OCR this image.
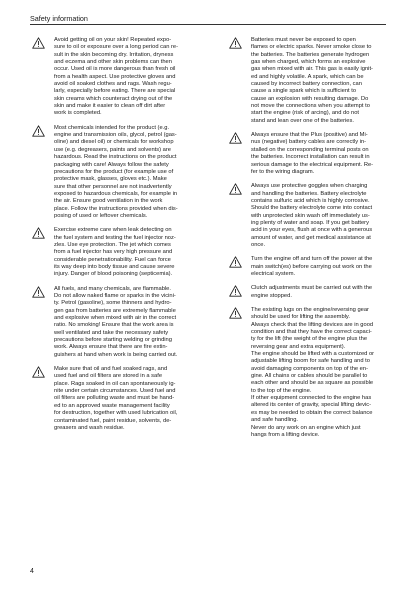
Safety information
Avoid getting oil on your skin! Repeated expo-
sure to oil or exposure over a long period can re-
sult in the skin becoming dry. Irritation, dryness
and eczema and other skin problems can then
occur. Used oil is more dangerous than fresh oil
from a health aspect. Use protective gloves and
avoid oil soaked clothes and rags. Wash regu-
larly, especially before eating. There are special
skin creams which counteract drying out of the
skin and make it easier to clean off dirt after
work is completed.
Most chemicals intended for the product (e.g.
engine and transmission oils, glycol, petrol (gas-
oline) and diesel oil) or chemicals for workshop
use (e.g. degreasers, paints and solvents) are
hazardous. Read the instructions on the product
packaging with care! Always follow the safety
precautions for the product (for example use of
protective mask, glasses, gloves etc.). Make
sure that other personnel are not inadvertently
exposed to hazardous chemicals, for example in
the air. Ensure good ventilation in the work
place. Follow the instructions provided when dis-
posing of used or leftover chemicals.
Exercise extreme care when leak detecting on
the fuel system and testing the fuel injector noz-
zles. Use eye protection. The jet which comes
from a fuel injector has very high pressure and
considerable penetrationability. Fuel can force
its way deep into body tissue and cause severe
injury. Danger of blood poisoning (septicemia).
All fuels, and many chemicals, are flammable.
Do not allow naked flame or sparks in the vicini-
ty. Petrol (gasoline), some thinners and hydro-
gen gas from batteries are extremely flammable
and explosive when mixed with air in the correct
ratio. No smoking! Ensure that the work area is
well ventilated and take the necessary safety
precautions before starting welding or grinding
work. Always ensure that there are fire extin-
guishers at hand when work is being carried out.
Make sure that oil and fuel soaked rags, and
used fuel and oil filters are stored in a safe
place. Rags soaked in oil can spontaneously ig-
nite under certain circumstances. Used fuel and
oil filters are polluting waste and must be hand-
ed to an approved waste management facility
for destruction, together with used lubrication oil,
contaminated fuel, paint residue, solvents, de-
greasers and wash residue.
Batteries must never be exposed to open
flames or electric sparks. Never smoke close to
the batteries. The batteries generate hydrogen
gas when charged, which forms an explosive
gas when mixed with air. This gas is easily ignit-
ed and highly volatile. A spark, which can be
caused by incorrect battery connection, can
cause a single spark which is sufficient to
cause an explosion with resulting damage. Do
not move the connections when you attempt to
start the engine (risk of arcing), and do not
stand and lean over one of the batteries.
Always ensure that the Plus (positive) and Mi-
nus (negative) battery cables are correctly in-
stalled on the corresponding terminal posts on
the batteries. Incorrect installation can result in
serious damage to the electrical equipment. Re-
fer to the wiring diagram.
Always use protective goggles when charging
and handling the batteries. Battery electrolyte
contains sulfuric acid which is highly corrosive.
Should the battery electrolyte come into contact
with unprotected skin wash off immediately us-
ing plenty of water and soap. If you get battery
acid in your eyes, flush at once with a generous
amount of water, and get medical assistance at
once.
Turn the engine off and turn off the power at the
main switch(es) before carrying out work on the
electrical system.
Clutch adjustments must be carried out with the
engine stopped.
The existing lugs on the engine/reversing gear
should be used for lifting the assembly.
Always check that the lifting devices are in good
condition and that they have the correct capaci-
ty for the lift (the weight of the engine plus the
reversing gear and extra equipment).
The engine should be lifted with a customized or
adjustable lifting boom for safe handling and to
avoid damaging components on top of the en-
gine. All chains or cables should be parallel to
each other and should be as square as possible
to the top of the engine.
If other equipment connected to the engine has
altered its center of gravity, special lifting devic-
es may be needed to obtain the correct balance
and safe handling.
Never do any work on an engine which just
hangs from a lifting device.
4
